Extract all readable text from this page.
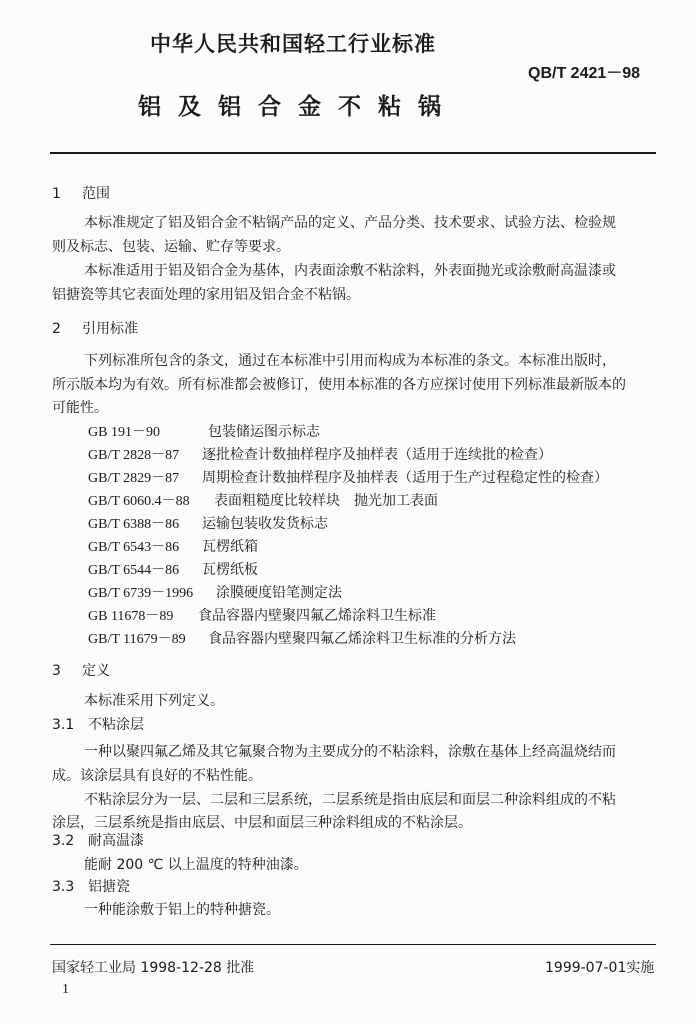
中华人民共和国轻工行业标准
QB/T 2421－98
铝及铝合金不粘锅
1 范围
本标准规定了铝及铝合金不粘锅产品的定义、产品分类、技术要求、试验方法、检验规
则及标志、包装、运输、贮存等要求。
本标准适用于铝及铝合金为基体，内表面涂敷不粘涂料，外表面抛光或涂敷耐高温漆或
铝搪瓷等其它表面处理的家用铝及铝合金不粘锅。
2 引用标准
下列标准所包含的条文，通过在本标准中引用而构成为本标准的条文。本标准出版时，
所示版本均为有效。所有标准都会被修订，使用本标准的各方应探讨使用下列标准最新版本的
可能性。
GB 191－90	包装储运图示标志
GB/T 2828－87 逐批检查计数抽样程序及抽样表（适用于连续批的检查）
GB/T 2829－87 周期检查计数抽样程序及抽样表（适用于生产过程稳定性的检查）
GB/T 6060.4－88 表面粗糙度比较样块　抛光加工表面
GB/T 6388－86 运输包装收发货标志
GB/T 6543－86 瓦楞纸箱
GB/T 6544－86 瓦楞纸板
GB/T 6739－1996 涂膜硬度铅笔测定法
GB 11678－89 食品容器内壁聚四氟乙烯涂料卫生标准
GB/T 11679－89 食品容器内壁聚四氟乙烯涂料卫生标准的分析方法
3 定义
本标准采用下列定义。
3.1 不粘涂层
一种以聚四氟乙烯及其它氟聚合物为主要成分的不粘涂料，涂敷在基体上经高温烧结而
成。该涂层具有良好的不粘性能。
不粘涂层分为一层、二层和三层系统，二层系统是指由底层和面层二种涂料组成的不粘
涂层，三层系统是指由底层、中层和面层三种涂料组成的不粘涂层。
3.2 耐高温漆
能耐 200 ℃ 以上温度的特种油漆。
3.3 铝搪瓷
一种能涂敷于铝上的特种搪瓷。
国家轻工业局 1998-12-28 批准	1999-07-01实施
1
